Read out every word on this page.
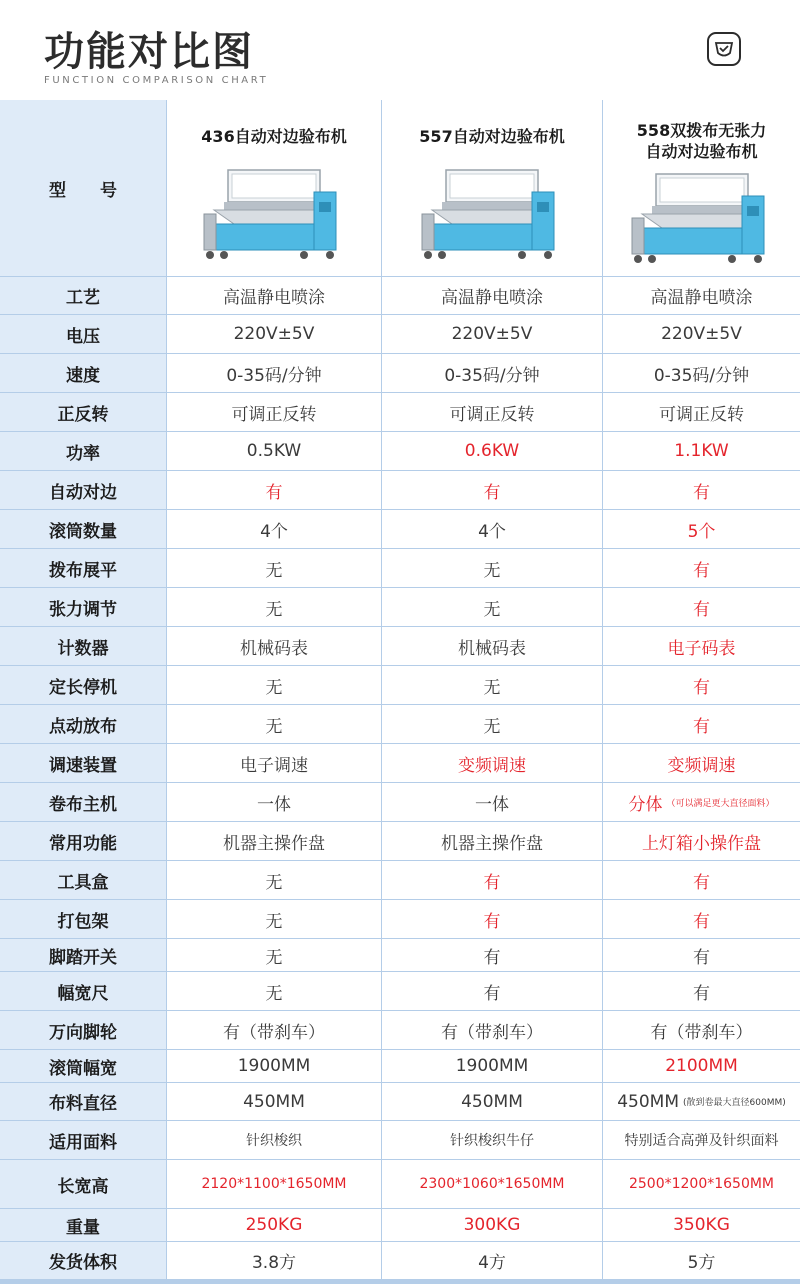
功能对比图
FUNCTION COMPARISON CHART
型 号
436自动对边验布机	557自动对边验布机	558双拨布无张力
自动对边验布机
工艺	高温静电喷涂	高温静电喷涂	高温静电喷涂
电压	220V±5V	220V±5V	220V±5V
速度	0-35码/分钟	0-35码/分钟	0-35码/分钟
正反转	可调正反转	可调正反转	可调正反转
功率	0.5KW	0.6KW	1.1KW
自动对边	有	有	有
滚筒数量	4个	4个	5个
拨布展平	无	无	有
张力调节	无	无	有
计数器	机械码表	机械码表	电子码表
定长停机	无	无	有
点动放布	无	无	有
调速装置	电子调速	变频调速	变频调速
卷布主机	一体	一体	分体 （可以满足更大直径面料）
常用功能	机器主操作盘	机器主操作盘	上灯箱小操作盘
工具盒	无	有	有
打包架	无	有	有
脚踏开关	无	有	有
幅宽尺	无	有	有
万向脚轮	有（带刹车）	有（带刹车）	有（带刹车）
滚筒幅宽	1900MM	1900MM	2100MM
布料直径	450MM	450MM	450MM (散到卷最大直径600MM)
适用面料	针织梭织	针织梭织牛仔	特别适合高弹及针织面料
长宽高	2120*1100*1650MM	2300*1060*1650MM	2500*1200*1650MM
重量	250KG	300KG	350KG
发货体积	3.8方	4方	5方
